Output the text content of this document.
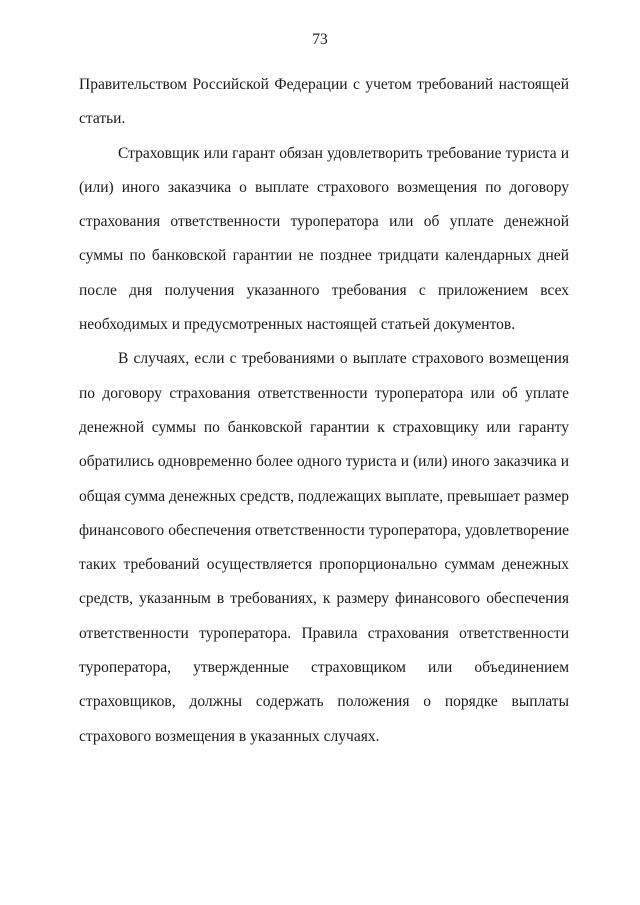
73

Правительством Российской Федерации с учетом требований настоящей статьи.

Страховщик или гарант обязан удовлетворить требование туриста и (или) иного заказчика о выплате страхового возмещения по договору страхования ответственности туроператора или об уплате денежной суммы по банковской гарантии не позднее тридцати календарных дней после дня получения указанного требования с приложением всех необходимых и предусмотренных настоящей статьей документов.

В случаях, если с требованиями о выплате страхового возмещения по договору страхования ответственности туроператора или об уплате денежной суммы по банковской гарантии к страховщику или гаранту обратились одновременно более одного туриста и (или) иного заказчика и общая сумма денежных средств, подлежащих выплате, превышает размер финансового обеспечения ответственности туроператора, удовлетворение таких требований осуществляется пропорционально суммам денежных средств, указанным в требованиях, к размеру финансового обеспечения ответственности туроператора. Правила страхования ответственности туроператора, утвержденные страховщиком или объединением страховщиков, должны содержать положения о порядке выплаты страхового возмещения в указанных случаях.
